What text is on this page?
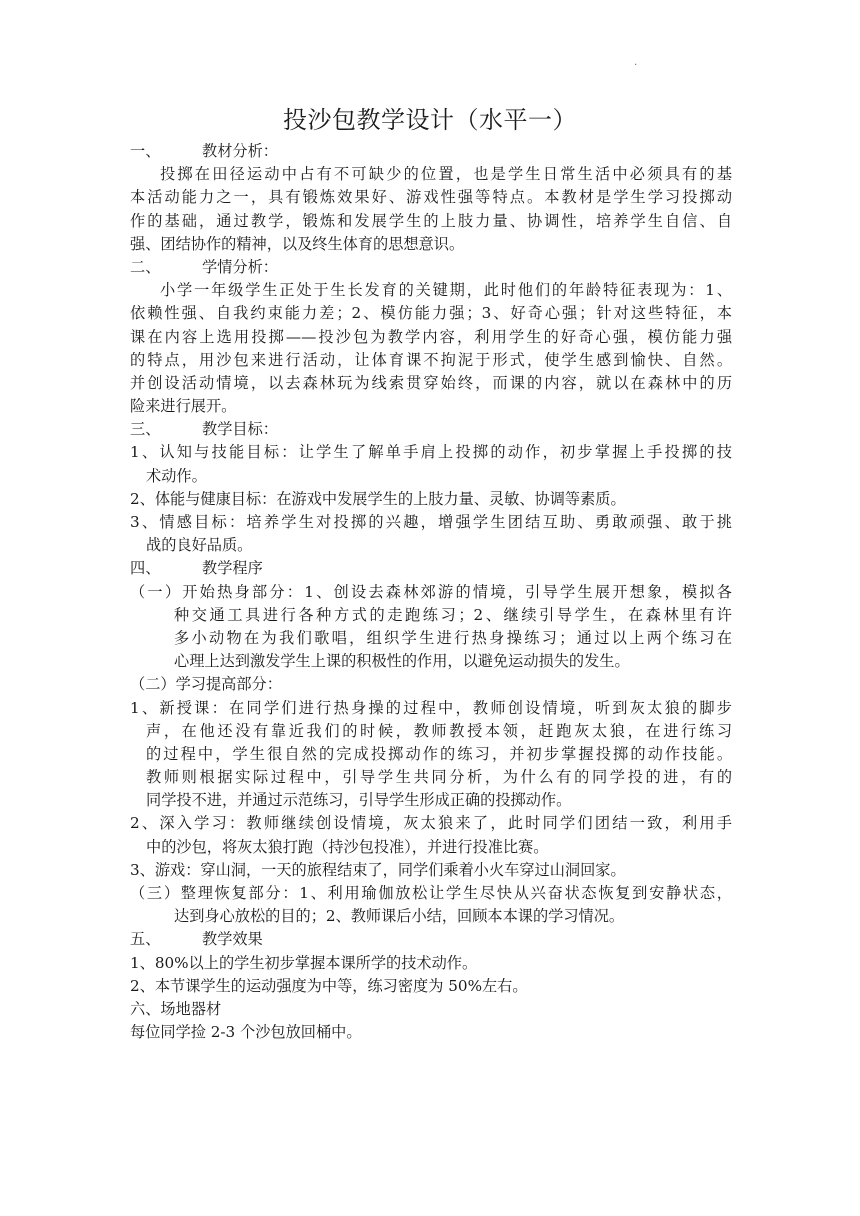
.
投沙包教学设计（水平一）
一、	教材分析：
投掷在田径运动中占有不可缺少的位置，也是学生日常生活中必须具有的基
本活动能力之一，具有锻炼效果好、游戏性强等特点。本教材是学生学习投掷动
作的基础，通过教学，锻炼和发展学生的上肢力量、协调性，培养学生自信、自
强、团结协作的精神，以及终生体育的思想意识。
二、	学情分析：
小学一年级学生正处于生长发育的关键期，此时他们的年龄特征表现为：1、
依赖性强、自我约束能力差；2、模仿能力强；3、好奇心强；针对这些特征，本
课在内容上选用投掷——投沙包为教学内容，利用学生的好奇心强，模仿能力强
的特点，用沙包来进行活动，让体育课不拘泥于形式，使学生感到愉快、自然。
并创设活动情境，以去森林玩为线索贯穿始终，而课的内容，就以在森林中的历
险来进行展开。
三、	教学目标：
1、认知与技能目标：让学生了解单手肩上投掷的动作，初步掌握上手投掷的技
术动作。
2、体能与健康目标：在游戏中发展学生的上肢力量、灵敏、协调等素质。
3、情感目标：培养学生对投掷的兴趣，增强学生团结互助、勇敢顽强、敢于挑
战的良好品质。
四、	教学程序
（一）开始热身部分：1、创设去森林郊游的情境，引导学生展开想象，模拟各
种交通工具进行各种方式的走跑练习；2、继续引导学生，在森林里有许
多小动物在为我们歌唱，组织学生进行热身操练习；通过以上两个练习在
心理上达到激发学生上课的积极性的作用，以避免运动损失的发生。
（二）学习提高部分：
1、新授课：在同学们进行热身操的过程中，教师创设情境，听到灰太狼的脚步
声，在他还没有靠近我们的时候，教师教授本领，赶跑灰太狼，在进行练习
的过程中，学生很自然的完成投掷动作的练习，并初步掌握投掷的动作技能。
教师则根据实际过程中，引导学生共同分析，为什么有的同学投的进，有的
同学投不进，并通过示范练习，引导学生形成正确的投掷动作。
2、深入学习：教师继续创设情境，灰太狼来了，此时同学们团结一致，利用手
中的沙包，将灰太狼打跑（持沙包投准），并进行投准比赛。
3、游戏：穿山洞，一天的旅程结束了，同学们乘着小火车穿过山洞回家。
（三）整理恢复部分：1、利用瑜伽放松让学生尽快从兴奋状态恢复到安静状态，
达到身心放松的目的；2、教师课后小结，回顾本本课的学习情况。
五、	教学效果
1、80%以上的学生初步掌握本课所学的技术动作。
2、本节课学生的运动强度为中等，练习密度为 50%左右。
六、场地器材
每位同学捡 2-3 个沙包放回桶中。
